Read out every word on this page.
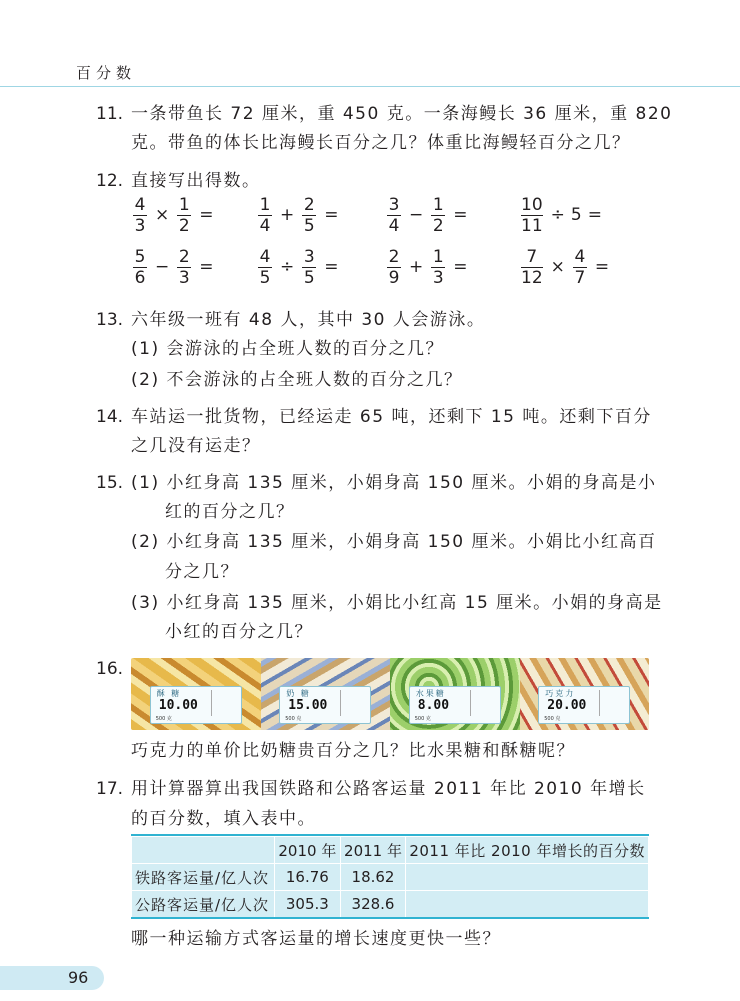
百分数
11. 一条带鱼长 72 厘米，重 450 克。一条海鳗长 36 厘米，重 820
克。带鱼的体长比海鳗长百分之几？体重比海鳗轻百分之几？
12. 直接写出得数。
$\frac{4}{3} \times \frac{1}{2}$ =	$\frac{1}{4} + \frac{2}{5}$ =	$\frac{3}{4} - \frac{1}{2}$ =	$\frac{10}{11} \div 5$ =
$\frac{5}{6} - \frac{2}{3}$ =	$\frac{4}{5} \div \frac{3}{5}$ =	$\frac{2}{9} + \frac{1}{3}$ =	$\frac{7}{12} \times \frac{4}{7}$ =
13. 六年级一班有 48 人，其中 30 人会游泳。
(1) 会游泳的占全班人数的百分之几？
(2) 不会游泳的占全班人数的百分之几？
14. 车站运一批货物，已经运走 65 吨，还剩下 15 吨。还剩下百分
之几没有运走？
15. (1) 小红身高 135 厘米，小娟身高 150 厘米。小娟的身高是小
红的百分之几？
(2) 小红身高 135 厘米，小娟身高 150 厘米。小娟比小红高百
分之几？
(3) 小红身高 135 厘米，小娟比小红高 15 厘米。小娟的身高是
小红的百分之几？
16.
酥 糖
10.00
500 克
奶 糖
15.00
500 克
水果糖
8.00
500 克
巧克力
20.00
500 克
巧克力的单价比奶糖贵百分之几？比水果糖和酥糖呢？
17. 用计算器算出我国铁路和公路客运量 2011 年比 2010 年增长
的百分数，填入表中。
	2010 年	2011 年	2011 年比 2010 年增长的百分数
铁路客运量/亿人次	16.76	18.62	
公路客运量/亿人次	305.3	328.6	
哪一种运输方式客运量的增长速度更快一些？
96
